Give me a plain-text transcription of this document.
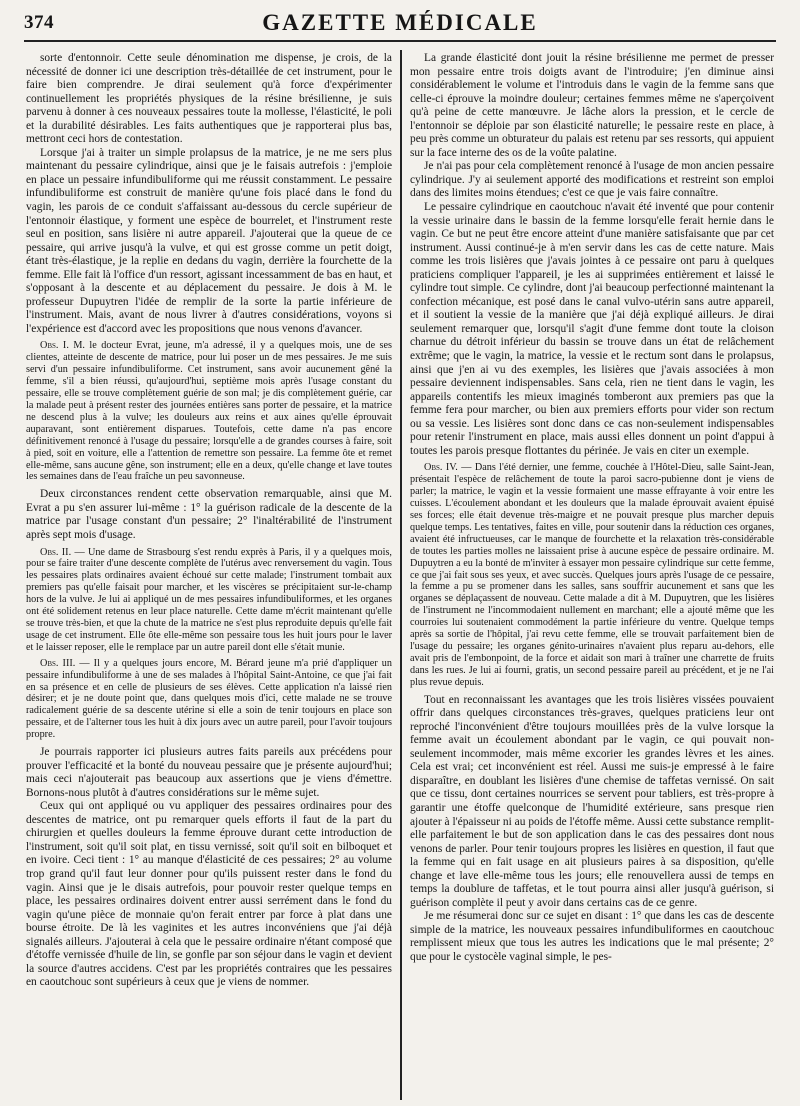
374	GAZETTE MÉDICALE

sorte d'entonnoir. Cette seule dénomination me dispense, je crois, de la nécessité de donner ici une description très-détaillée de cet instrument, pour le faire bien comprendre. Je dirai seulement qu'à force d'expérimenter continuellement les propriétés physiques de la résine brésilienne, je suis parvenu à donner à ces nouveaux pessaires toute la mollesse, l'élasticité, le poli et la durabilité désirables. Les faits authentiques que je rapporterai plus bas, mettront ceci hors de contestation.

Lorsque j'ai à traiter un simple prolapsus de la matrice, je ne me sers plus maintenant du pessaire cylindrique, ainsi que je le faisais autrefois : j'emploie en place un pessaire infundibuliforme qui me réussit constamment. Le pessaire infundibuliforme est construit de manière qu'une fois placé dans le fond du vagin, les parois de ce conduit s'affaissant au-dessous du cercle supérieur de l'entonnoir élastique, y forment une espèce de bourrelet, et l'instrument reste seul en position, sans lisière ni autre appareil. J'ajouterai que la queue de ce pessaire, qui arrive jusqu'à la vulve, et qui est grosse comme un petit doigt, étant très-élastique, je la replie en dedans du vagin, derrière la fourchette de la femme. Elle fait là l'office d'un ressort, agissant incessamment de bas en haut, et s'opposant à la descente et au déplacement du pessaire. Je dois à M. le professeur Dupuytren l'idée de remplir de la sorte la partie inférieure de l'instrument. Mais, avant de nous livrer à d'autres considérations, voyons si l'expérience est d'accord avec les propositions que nous venons d'avancer.

Obs. I. M. le docteur Evrat, jeune, m'a adressé, il y a quelques mois, une de ses clientes, atteinte de descente de matrice, pour lui poser un de mes pessaires. Je me suis servi d'un pessaire infundibuliforme. Cet instrument, sans avoir aucunement gêné la femme, s'il a bien réussi, qu'aujourd'hui, septième mois après l'usage constant du pessaire, elle se trouve complètement guérie de son mal; je dis complètement guérie, car la malade peut à présent rester des journées entières sans porter de pessaire, et la matrice ne descend plus à la vulve; les douleurs aux reins et aux aines qu'elle éprouvait auparavant, sont entièrement disparues. Toutefois, cette dame n'a pas encore définitivement renoncé à l'usage du pessaire; lorsqu'elle a de grandes courses à faire, soit à pied, soit en voiture, elle a l'attention de remettre son pessaire. La femme ôte et remet elle-même, sans aucune gêne, son instrument; elle en a deux, qu'elle change et lave toutes les semaines dans de l'eau fraîche un peu savonneuse.

Deux circonstances rendent cette observation remarquable, ainsi que M. Evrat a pu s'en assurer lui-même : 1° la guérison radicale de la descente de la matrice par l'usage constant d'un pessaire; 2° l'inaltérabilité de l'instrument après sept mois d'usage.

Obs. II. — Une dame de Strasbourg s'est rendu exprès à Paris, il y a quelques mois, pour se faire traiter d'une descente complète de l'utérus avec renversement du vagin. Tous les pessaires plats ordinaires avaient échoué sur cette malade; l'instrument tombait aux premiers pas qu'elle faisait pour marcher, et les viscères se précipitaient sur-le-champ hors de la vulve. Je lui ai appliqué un de mes pessaires infundibuliformes, et les organes ont été solidement retenus en leur place naturelle. Cette dame m'écrit maintenant qu'elle se trouve très-bien, et que la chute de la matrice ne s'est plus reproduite depuis qu'elle fait usage de cet instrument. Elle ôte elle-même son pessaire tous les huit jours pour le laver et le laisser reposer, elle le remplace par un autre pareil dont elle s'était munie.

Obs. III. — Il y a quelques jours encore, M. Bérard jeune m'a prié d'appliquer un pessaire infundibuliforme à une de ses malades à l'hôpital Saint-Antoine, ce que j'ai fait en sa présence et en celle de plusieurs de ses élèves. Cette application n'a laissé rien désirer; et je ne doute point que, dans quelques mois d'ici, cette malade ne se trouve radicalement guérie de sa descente utérine si elle a soin de tenir toujours en place son pessaire, et de l'alterner tous les huit à dix jours avec un autre pareil, pour l'avoir toujours propre.

Je pourrais rapporter ici plusieurs autres faits pareils aux précédens pour prouver l'efficacité et la bonté du nouveau pessaire que je présente aujourd'hui; mais ceci n'ajouterait pas beaucoup aux assertions que je viens d'émettre. Bornons-nous plutôt à d'autres considérations sur le même sujet.

Ceux qui ont appliqué ou vu appliquer des pessaires ordinaires pour des descentes de matrice, ont pu remarquer quels efforts il faut de la part du chirurgien et quelles douleurs la femme éprouve durant cette introduction de l'instrument, soit qu'il soit plat, en tissu vernissé, soit qu'il soit en bilboquet et en ivoire. Ceci tient : 1° au manque d'élasticité de ces pessaires; 2° au volume trop grand qu'il faut leur donner pour qu'ils puissent rester dans le fond du vagin. Ainsi que je le disais autrefois, pour pouvoir rester quelque temps en place, les pessaires ordinaires doivent entrer aussi serrément dans le fond du vagin qu'une pièce de monnaie qu'on ferait entrer par force à plat dans une bourse étroite. De là les vaginites et les autres inconvéniens que j'ai déjà signalés ailleurs. J'ajouterai à cela que le pessaire ordinaire n'étant composé que d'étoffe vernissée d'huile de lin, se gonfle par son séjour dans le vagin et devient la source d'autres accidens. C'est par les propriétés contraires que les pessaires en caoutchouc sont supérieurs à ceux que je viens de nommer.

La grande élasticité dont jouit la résine brésilienne me permet de presser mon pessaire entre trois doigts avant de l'introduire; j'en diminue ainsi considérablement le volume et l'introduis dans le vagin de la femme sans que celle-ci éprouve la moindre douleur; certaines femmes même ne s'aperçoivent qu'à peine de cette manœuvre. Je lâche alors la pression, et le cercle de l'entonnoir se déploie par son élasticité naturelle; le pessaire reste en place, à peu près comme un obturateur du palais est retenu par ses ressorts, qui appuient sur la face interne des os de la voûte palatine.

Je n'ai pas pour cela complètement renoncé à l'usage de mon ancien pessaire cylindrique. J'y ai seulement apporté des modifications et restreint son emploi dans des limites moins étendues; c'est ce que je vais faire connaître.

Le pessaire cylindrique en caoutchouc n'avait été inventé que pour contenir la vessie urinaire dans le bassin de la femme lorsqu'elle ferait hernie dans le vagin. Ce but ne peut être encore atteint d'une manière satisfaisante que par cet instrument. Aussi continué-je à m'en servir dans les cas de cette nature. Mais comme les trois lisières que j'avais jointes à ce pessaire ont paru à quelques praticiens compliquer l'appareil, je les ai supprimées entièrement et laissé le cylindre tout simple. Ce cylindre, dont j'ai beaucoup perfectionné maintenant la confection mécanique, est posé dans le canal vulvo-utérin sans autre appareil, et il soutient la vessie de la manière que j'ai déjà expliqué ailleurs. Je dirai seulement remarquer que, lorsqu'il s'agit d'une femme dont toute la cloison charnue du détroit inférieur du bassin se trouve dans un état de relâchement extrême; que le vagin, la matrice, la vessie et le rectum sont dans le prolapsus, ainsi que j'en ai vu des exemples, les lisières que j'avais associées à mon pessaire deviennent indispensables. Sans cela, rien ne tient dans le vagin, les appareils contentifs les mieux imaginés tomberont aux premiers pas que la femme fera pour marcher, ou bien aux premiers efforts pour vider son rectum ou sa vessie. Les lisières sont donc dans ce cas non-seulement indispensables pour retenir l'instrument en place, mais aussi elles donnent un point d'appui à toutes les parois presque flottantes du périnée. Je vais en citer un exemple.

Obs. IV. — Dans l'été dernier, une femme, couchée à l'Hôtel-Dieu, salle Saint-Jean, présentait l'espèce de relâchement de toute la paroi sacro-pubienne dont je viens de parler; la matrice, le vagin et la vessie formaient une masse effrayante à voir entre les cuisses. L'écoulement abondant et les douleurs que la malade éprouvait avaient épuisé ses forces; elle était devenue très-maigre et ne pouvait presque plus marcher depuis quelque temps. Les tentatives, faites en ville, pour soutenir dans la réduction ces organes, avaient été infructueuses, car le manque de fourchette et la relaxation très-considérable de toutes les parties molles ne laissaient prise à aucune espèce de pessaire ordinaire. M. Dupuytren a eu la bonté de m'inviter à essayer mon pessaire cylindrique sur cette femme, ce que j'ai fait sous ses yeux, et avec succès. Quelques jours après l'usage de ce pessaire, la femme a pu se promener dans les salles, sans souffrir aucunement et sans que les organes se déplaçassent de nouveau. Cette malade a dit à M. Dupuytren, que les lisières de l'instrument ne l'incommodaient nullement en marchant; elle a ajouté même que les courroies lui soutenaient commodément la partie inférieure du ventre. Quelque temps après sa sortie de l'hôpital, j'ai revu cette femme, elle se trouvait parfaitement bien de l'usage du pessaire; les organes génito-urinaires n'avaient plus reparu au-dehors, elle avait pris de l'embonpoint, de la force et aidait son mari à traîner une charrette de fruits dans les rues. Je lui ai fourni, gratis, un second pessaire pareil au précédent, et je ne l'ai plus revue depuis.

Tout en reconnaissant les avantages que les trois lisières vissées pouvaient offrir dans quelques circonstances très-graves, quelques praticiens leur ont reproché l'inconvénient d'être toujours mouillées près de la vulve lorsque la femme avait un écoulement abondant par le vagin, ce qui pouvait non-seulement incommoder, mais même excorier les grandes lèvres et les aines. Cela est vrai; cet inconvénient est réel. Aussi me suis-je empressé à le faire disparaître, en doublant les lisières d'une chemise de taffetas vernissé. On sait que ce tissu, dont certaines nourrices se servent pour tabliers, est très-propre à garantir une étoffe quelconque de l'humidité extérieure, sans presque rien ajouter à l'épaisseur ni au poids de l'étoffe même. Aussi cette substance remplit-elle parfaitement le but de son application dans le cas des pessaires dont nous venons de parler. Pour tenir toujours propres les lisières en question, il faut que la femme qui en fait usage en ait plusieurs paires à sa disposition, qu'elle change et lave elle-même tous les jours; elle renouvellera aussi de temps en temps la doublure de taffetas, et le tout pourra ainsi aller jusqu'à guérison, si guérison complète il peut y avoir dans certains cas de ce genre.

Je me résumerai donc sur ce sujet en disant : 1° que dans les cas de descente simple de la matrice, les nouveaux pessaires infundibuliformes en caoutchouc remplissent mieux que tous les autres les indications que le mal présente; 2° que pour le cystocèle vaginal simple, le pes-
